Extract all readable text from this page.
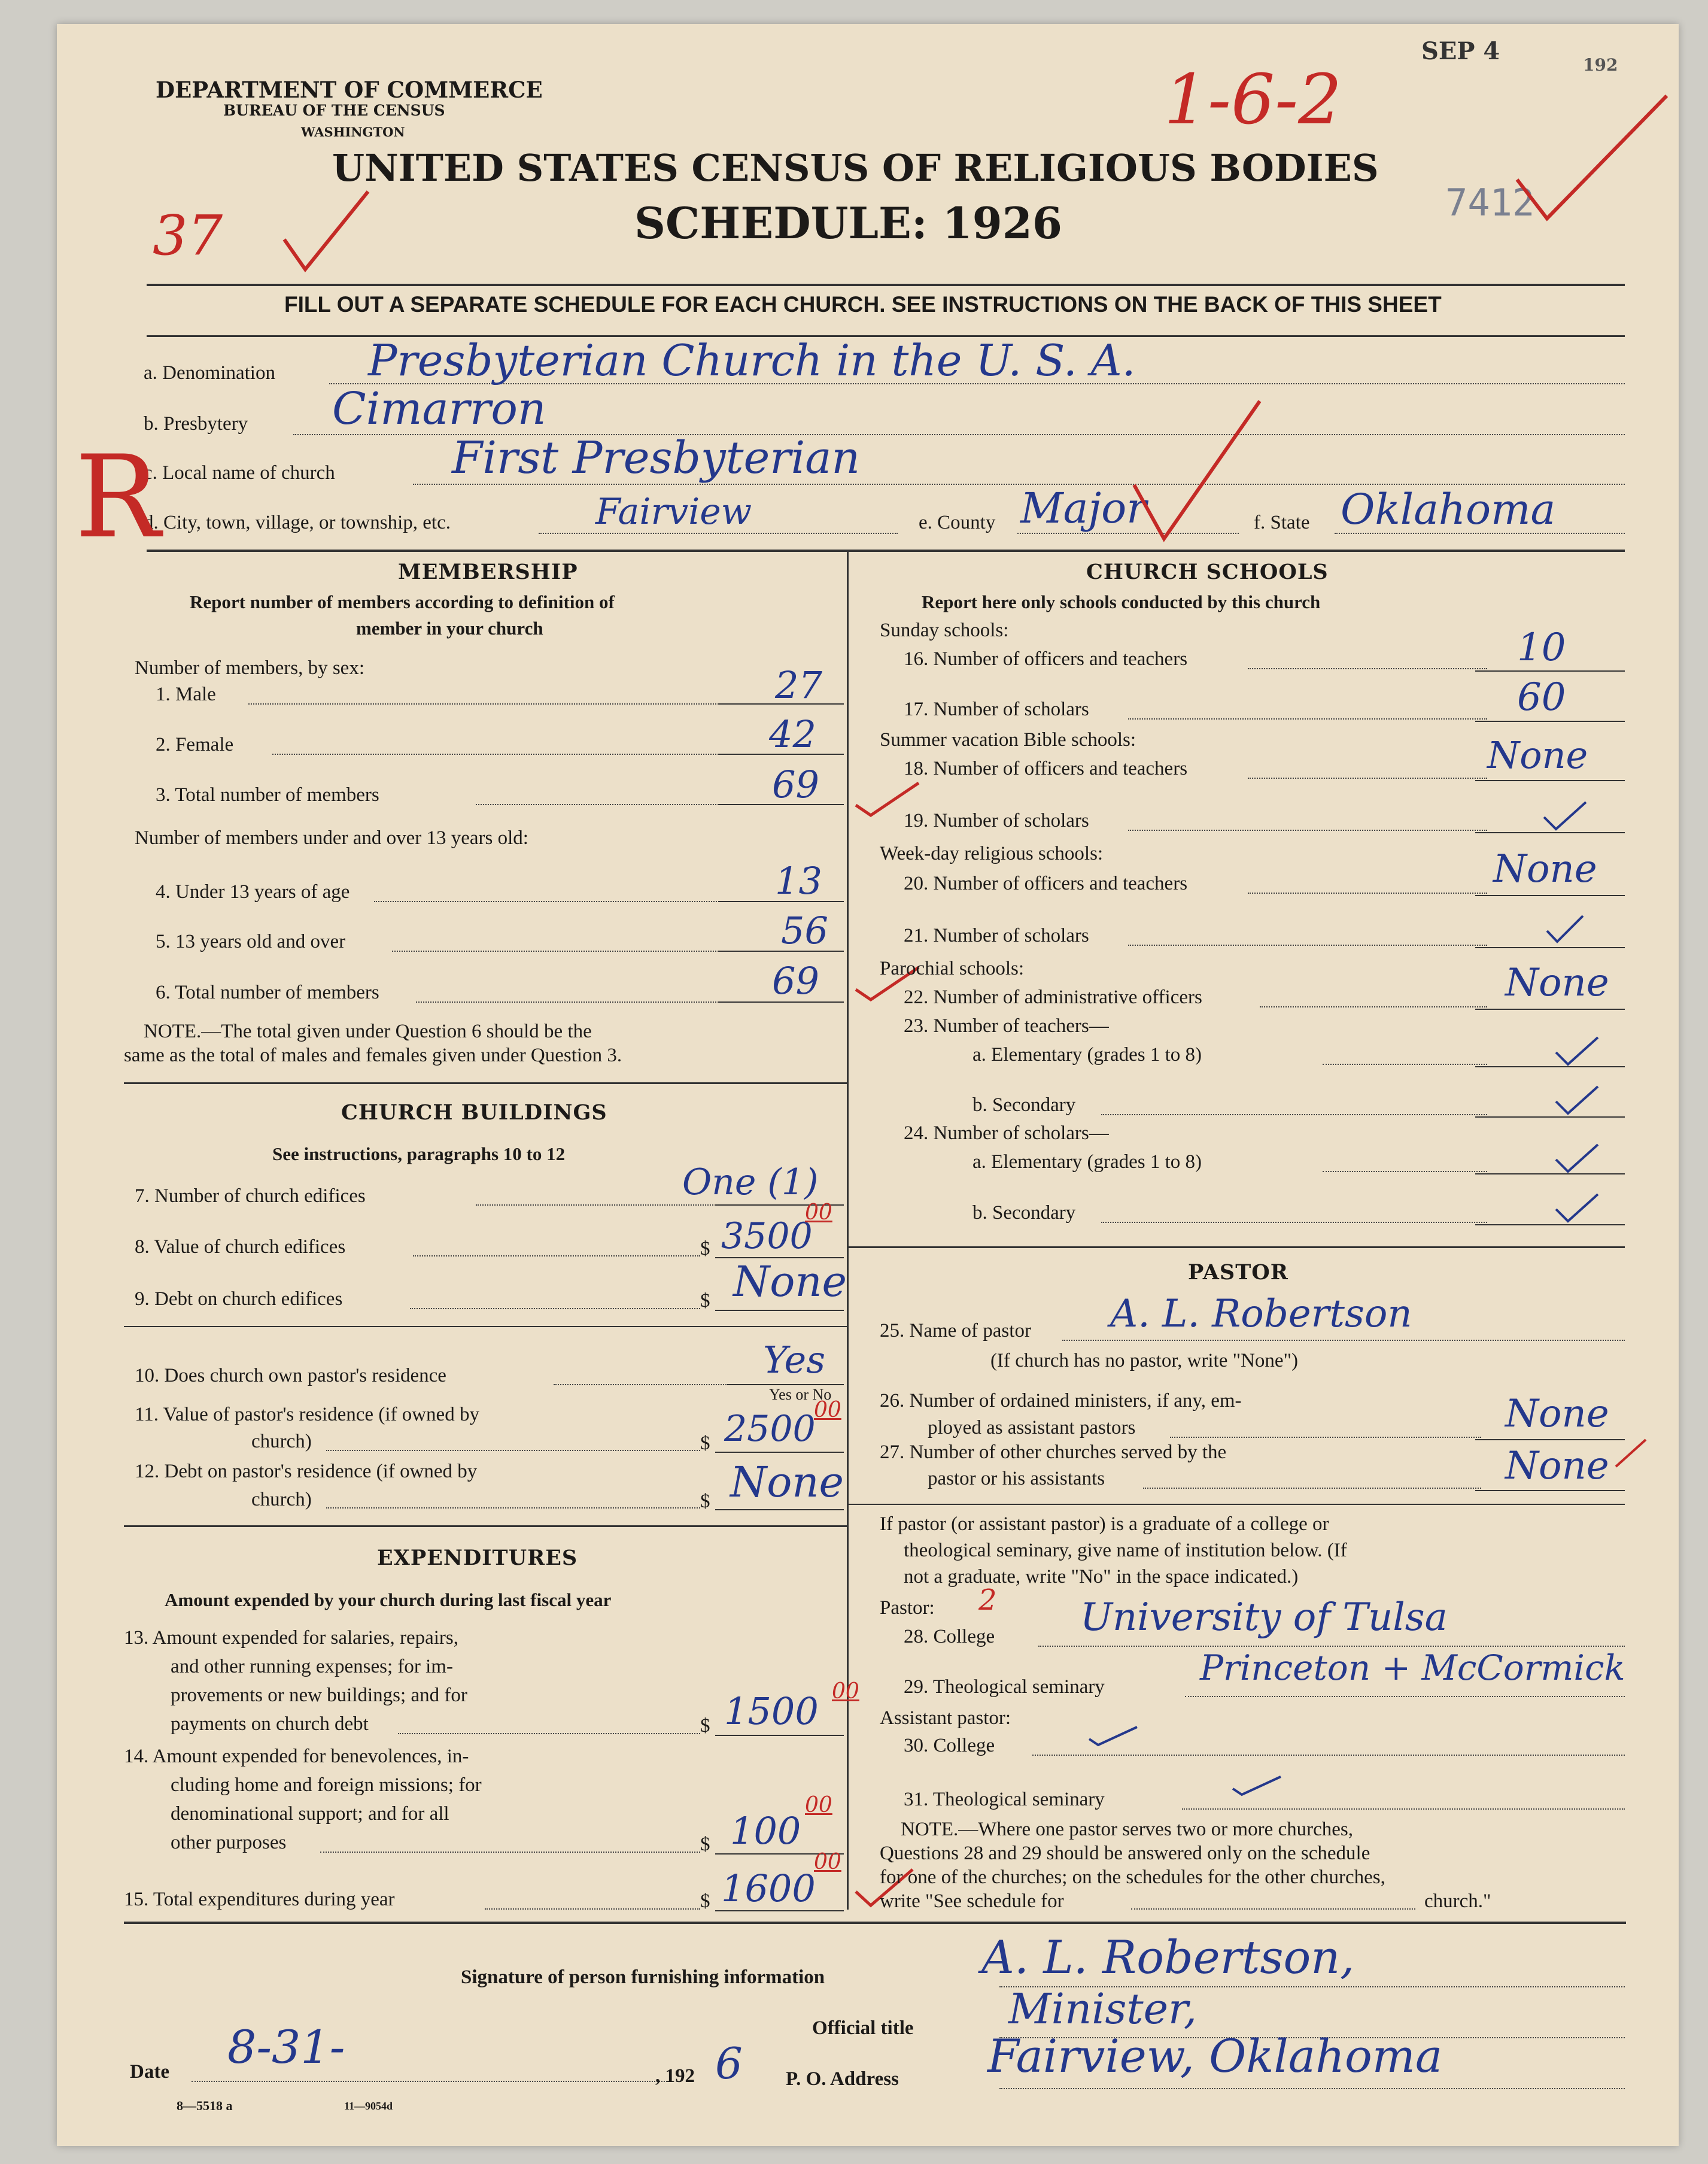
DEPARTMENT OF COMMERCE
BUREAU OF THE CENSUS
WASHINGTON
UNITED STATES CENSUS OF RELIGIOUS BODIES
SCHEDULE: 1926
SEP 4	192
7412
1-6-2
37
FILL OUT A SEPARATE SCHEDULE FOR EACH CHURCH. SEE INSTRUCTIONS ON THE BACK OF THIS SHEET
a. Denomination Presbyterian Church in the U. S. A.
b. Presbytery Cimarron
c. Local name of church	First Presbyterian
d. City, town, village, or township, etc.	Fairview	e. County Major	f. State Oklahoma
R
MEMBERSHIP
Report number of members according to definition of
member in your church
Number of members, by sex:
1. Male	27
2. Female	42
3. Total number of members	69
Number of members under and over 13 years old:
4. Under 13 years of age	13
5. 13 years old and over	56
6. Total number of members	69
NOTE.—The total given under Question 6 should be the
same as the total of males and females given under Question 3.
CHURCH BUILDINGS
See instructions, paragraphs 10 to 12
7. Number of church edifices	One (1)
8. Value of church edifices	$ 3500
00
9. Debt on church edifices	$ None
10. Does church own pastor's residence	Yes
Yes or No
11. Value of pastor's residence (if owned by
church)	$ 2500
00
12. Debt on pastor's residence (if owned by
church)	$ None
EXPENDITURES
Amount expended by your church during last fiscal year
13. Amount expended for salaries, repairs,
and other running expenses; for im-
provements or new buildings; and for
payments on church debt	$ 1500 00
14. Amount expended for benevolences, in-
cluding home and foreign missions; for
denominational support; and for all
other purposes	$ 100
00
15. Total expenditures during year	$ 1600
00
CHURCH SCHOOLS
Report here only schools conducted by this church
Sunday schools:
16. Number of officers and teachers	10
17. Number of scholars	60
Summer vacation Bible schools:
18. Number of officers and teachers	None
19. Number of scholars
Week-day religious schools:
20. Number of officers and teachers	None
21. Number of scholars
Parochial schools:
22. Number of administrative officers	None
23. Number of teachers—
a. Elementary (grades 1 to 8)
b. Secondary
24. Number of scholars—
a. Elementary (grades 1 to 8)
b. Secondary
PASTOR
25. Name of pastor A. L. Robertson
(If church has no pastor, write "None")
26. Number of ordained ministers, if any, em-
ployed as assistant pastors	None
27. Number of other churches served by the
pastor or his assistants	None
If pastor (or assistant pastor) is a graduate of a college or
theological seminary, give name of institution below. (If
not a graduate, write "No" in the space indicated.)
Pastor: 2
28. College University of Tulsa
29. Theological seminary	Princeton + McCormick
Assistant pastor:
30. College
31. Theological seminary
NOTE.—Where one pastor serves two or more churches,
Questions 28 and 29 should be answered only on the schedule
for one of the churches; on the schedules for the other churches,
write "See schedule for	church."
Signature of person furnishing information	A. L. Robertson,
Official title Minister,
P. O. Address Fairview, Oklahoma
Date 8-31-
, 192 6
8—5518 a	11—9054d
